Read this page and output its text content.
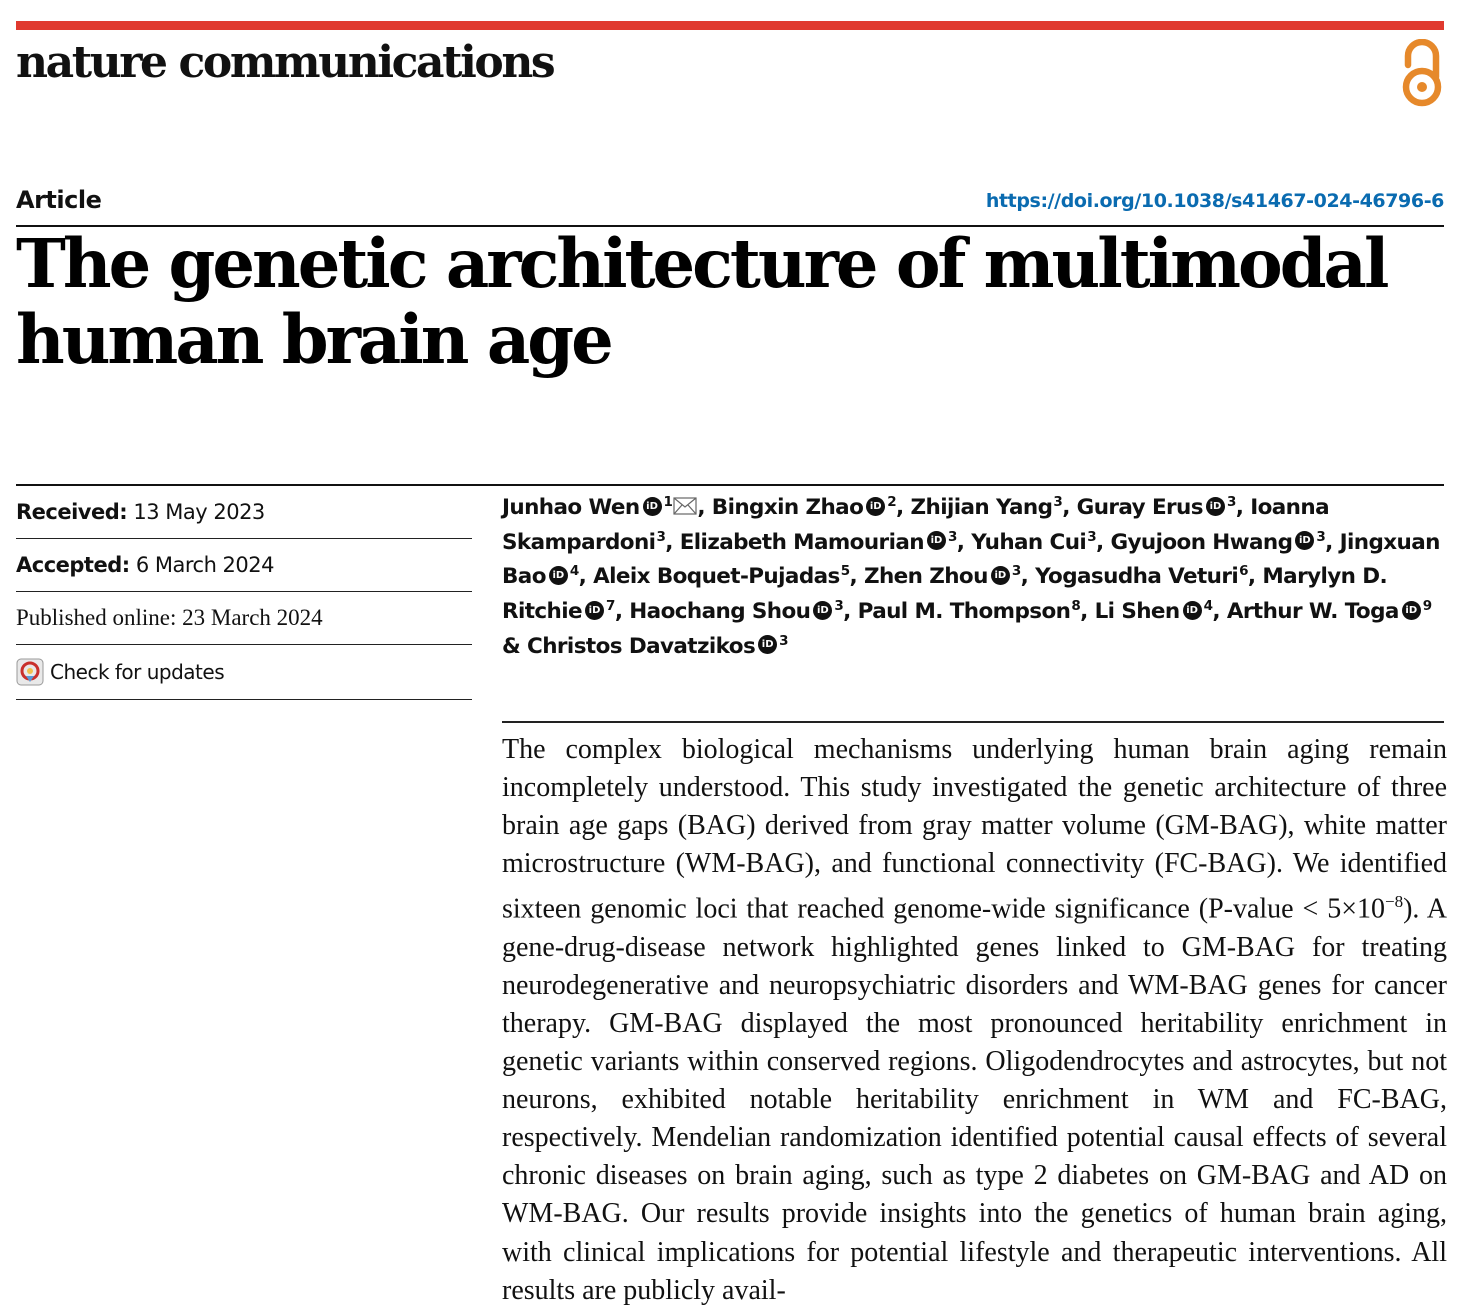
nature communications
Article	https://doi.org/10.1038/s41467-024-46796-6
The genetic architecture of multimodal human brain age
Received:
13 May 2023
Accepted:
6 March 2024
Published online:
23 March 2024
Check for updates
Junhao Wen iD $^1$ , Bingxin Zhao iD $^2$, Zhijian Yang$^3$, Guray Erus iD $^3$, Ioanna Skampardoni$^3$, Elizabeth Mamourian iD $^3$, Yuhan Cui$^3$, Gyujoon Hwang iD $^3$, Jingxuan Bao iD $^4$, Aleix Boquet-Pujadas$^5$, Zhen Zhou iD $^3$, Yogasudha Veturi$^6$, Marylyn D. Ritchie iD $^7$, Haochang Shou iD $^3$, Paul M. Thompson$^8$, Li Shen iD $^4$, Arthur W. Toga iD $^9$ & Christos Davatzikos iD $^3$

The complex biological mechanisms underlying human brain aging remain incompletely understood. This study investigated the genetic architecture of three brain age gaps (BAG) derived from gray matter volume (GM-BAG), white matter microstructure (WM-BAG), and functional connectivity (FC-BAG). We identified sixteen genomic loci that reached genome-wide significance (P-value < $5\times 10^{-8}$). A gene-drug-disease network highlighted genes linked to GM-BAG for treating neurodegenerative and neuropsychiatric disorders and WM-BAG genes for cancer therapy. GM-BAG displayed the most pronounced heritability enrichment in genetic variants within conserved regions. Oligodendrocytes and astrocytes, but not neurons, exhibited notable heritability enrichment in WM and FC-BAG, respectively. Mendelian randomization identified potential causal effects of several chronic diseases on brain aging, such as type 2 diabetes on GM-BAG and AD on WM-BAG. Our results provide insights into the genetics of human brain aging, with clinical implications for potential lifestyle and therapeutic interventions. All results are publicly avail-
